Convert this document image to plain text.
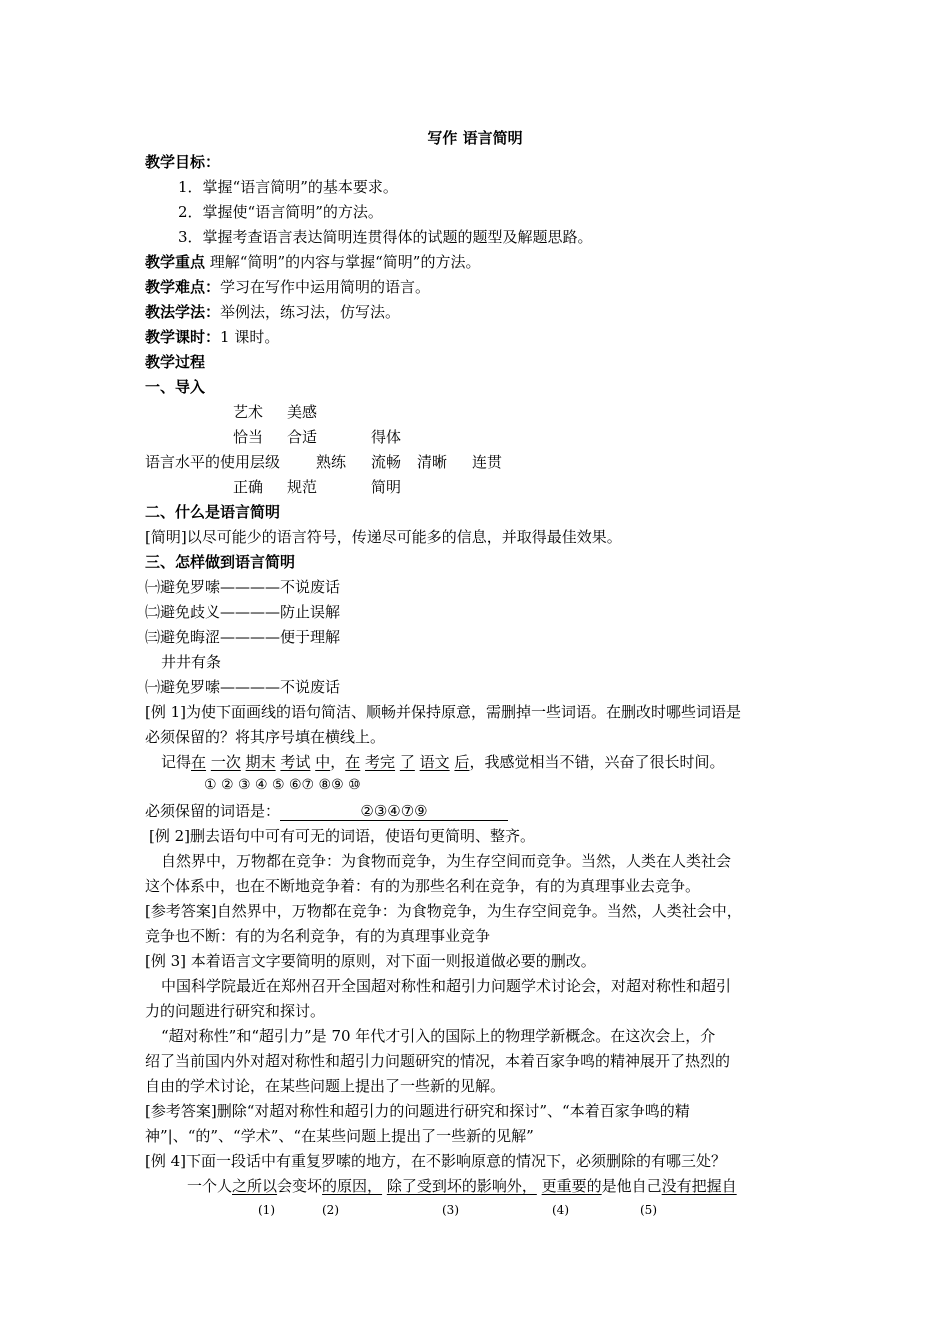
写作 语言简明
教学目标：
1．掌握“语言简明”的基本要求。
2．掌握使“语言简明”的方法。
3．掌握考查语言表达简明连贯得体的试题的题型及解题思路。
教学重点 理解“简明”的内容与掌握“简明”的方法。
教学难点：学习在写作中运用简明的语言。
教法学法：举例法，练习法，仿写法。
教学课时：1 课时。
教学过程
一、导入
艺术 美感
恰当 合适	得体
语言水平的使用层级 熟练 流畅 清晰 连贯
正确 规范	简明
二、什么是语言简明
[简明]以尽可能少的语言符号，传递尽可能多的信息，并取得最佳效果。
三、怎样做到语言简明
㈠避免罗嗦————不说废话
㈡避免歧义————防止误解
㈢避免晦涩————便于理解
井井有条
㈠避免罗嗦————不说废话
[例 1]为使下面画线的语句简洁、顺畅并保持原意，需删掉一些词语。在删改时哪些词语是
必须保留的？将其序号填在横线上。
记得在 一次 期末 考试 中，在 考完 了 语文 后，我感觉相当不错，兴奋了很长时间。
① ② ③ ④ ⑤ ⑥⑦ ⑧⑨ ⑩
必须保留的词语是：	②③④⑦⑨
[例 2]删去语句中可有可无的词语，使语句更简明、整齐。
自然界中，万物都在竞争：为食物而竞争，为生存空间而竞争。当然，人类在人类社会
这个体系中，也在不断地竞争着：有的为那些名利在竞争，有的为真理事业去竞争。
[参考答案]自然界中，万物都在竞争：为食物竞争，为生存空间竞争。当然，人类社会中，
竞争也不断：有的为名利竞争，有的为真理事业竞争
[例 3] 本着语言文字要简明的原则，对下面一则报道做必要的删改。
中国科学院最近在郑州召开全国超对称性和超引力问题学术讨论会，对超对称性和超引
力的问题进行研究和探讨。
“超对称性”和“超引力”是 70 年代才引入的国际上的物理学新概念。在这次会上，介
绍了当前国内外对超对称性和超引力问题研究的情况，本着百家争鸣的精神展开了热烈的
自由的学术讨论，在某些问题上提出了一些新的见解。
[参考答案]删除“对超对称性和超引力的问题进行研究和探讨”、“本着百家争鸣的精
神”|、“的”、“学术”、“在某些问题上提出了一些新的见解”
[例 4]下面一段话中有重复罗嗦的地方，在不影响原意的情况下，必须删除的有哪三处？
一个人之所以会变坏的原因， 除了受到坏的影响外， 更重要的是他自己没有把握自
(1)	(2)	(3)	(4)	(5)
